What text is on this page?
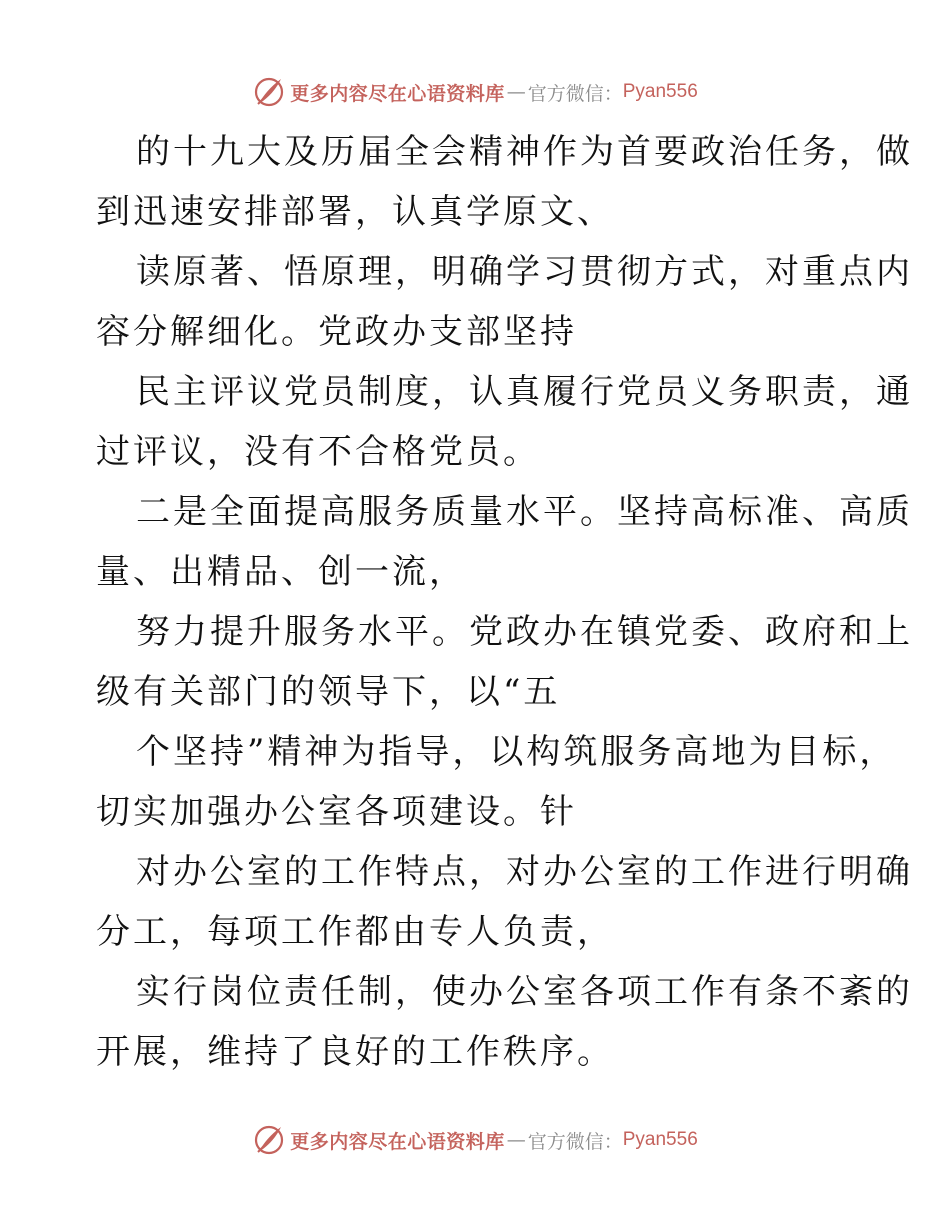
更多内容尽在心语资料库 — 官方微信： Pyan556
的十九大及历届全会精神作为首要政治任务，做
到迅速安排部署，认真学原文、
读原著、悟原理，明确学习贯彻方式，对重点内
容分解细化。党政办支部坚持
民主评议党员制度，认真履行党员义务职责，通
过评议，没有不合格党员。
二是全面提高服务质量水平。坚持高标准、高质
量、出精品、创一流，
努力提升服务水平。党政办在镇党委、政府和上
级有关部门的领导下，以“五
个坚持”精神为指导，以构筑服务高地为目标，
切实加强办公室各项建设。针
对办公室的工作特点，对办公室的工作进行明确
分工，每项工作都由专人负责，
实行岗位责任制，使办公室各项工作有条不紊的
开展，维持了良好的工作秩序。
更多内容尽在心语资料库 — 官方微信： Pyan556
